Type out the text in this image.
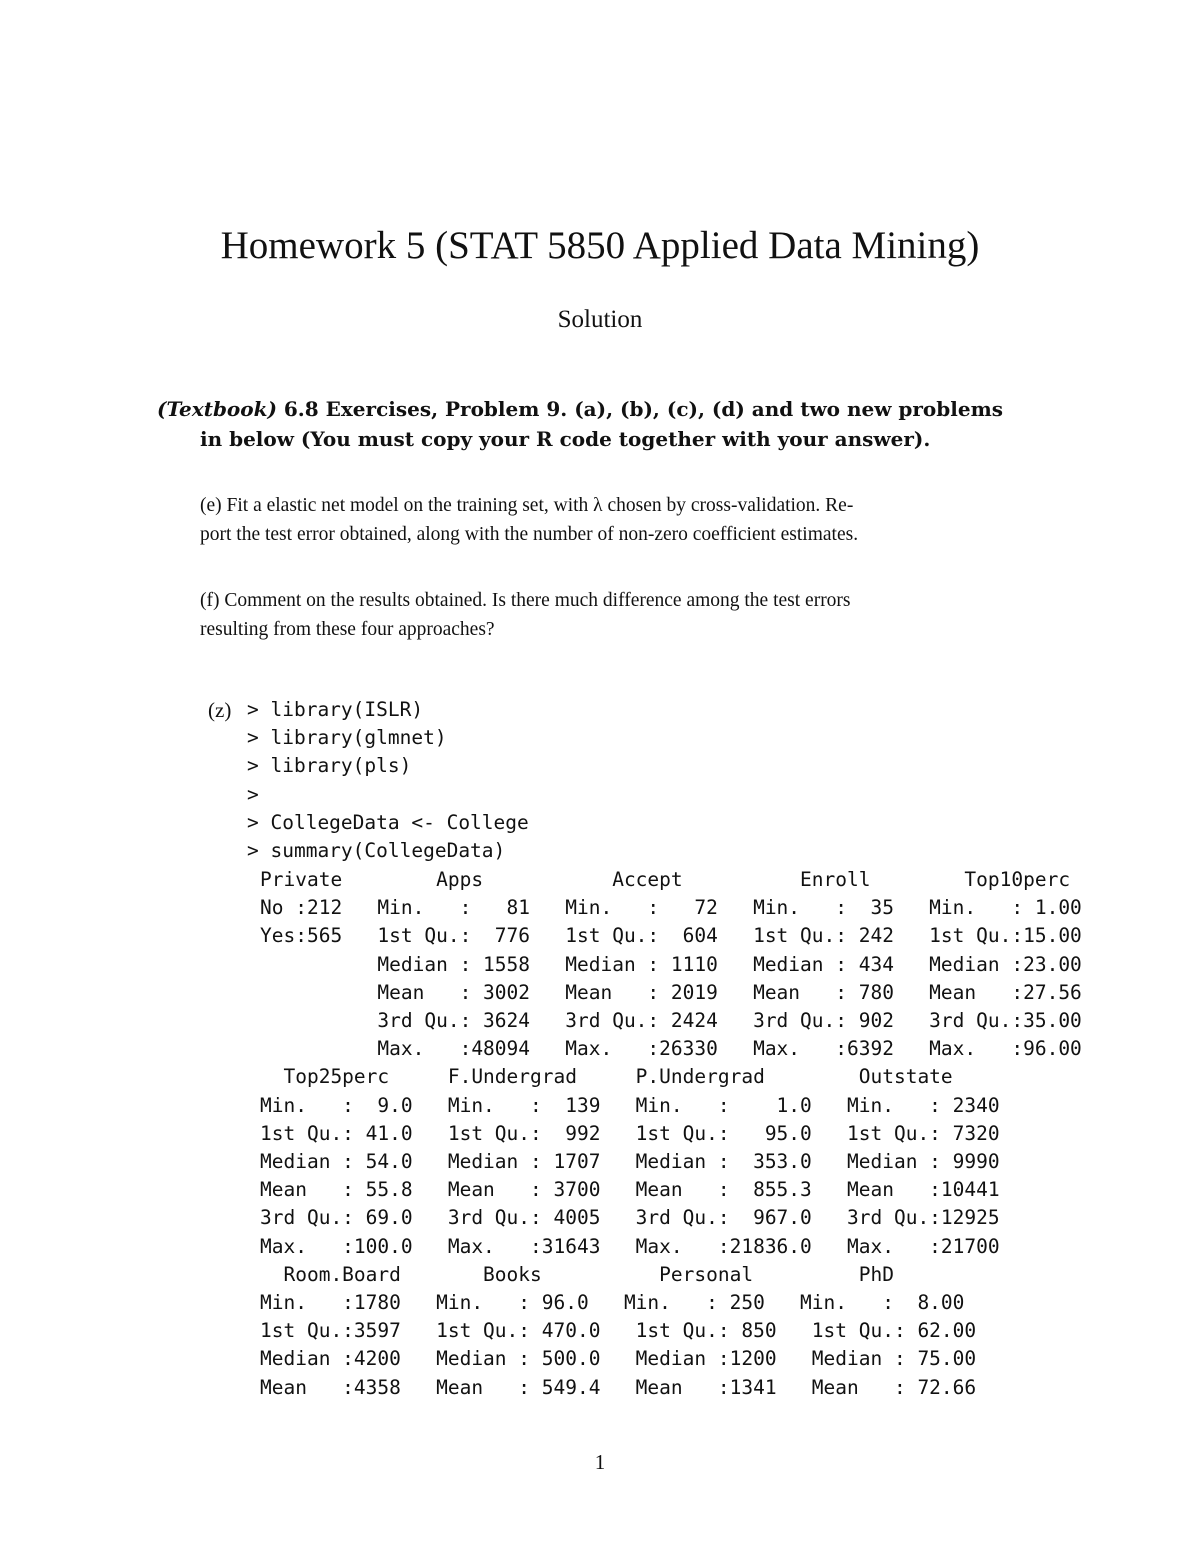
Homework 5 (STAT 5850 Applied Data Mining)
Solution
(Textbook) 6.8 Exercises, Problem 9. (a), (b), (c), (d) and two new problems
in below (You must copy your R code together with your answer).
(e) Fit a elastic net model on the training set, with λ chosen by cross-validation. Re-
port the test error obtained, along with the number of non-zero coefficient estimates.
(f) Comment on the results obtained. Is there much difference among the test errors
resulting from these four approaches?
(z) > library(ISLR)
> library(glmnet)
> library(pls)
>
> CollegeData <- College
> summary(CollegeData)
Private        Apps           Accept          Enroll        Top10perc
No :212   Min.   :   81   Min.   :   72   Min.   :  35   Min.   : 1.00
Yes:565   1st Qu.:  776   1st Qu.:  604   1st Qu.: 242   1st Qu.:15.00
Median : 1558   Median : 1110   Median : 434   Median :23.00
Mean   : 3002   Mean   : 2019   Mean   : 780   Mean   :27.56
3rd Qu.: 3624   3rd Qu.: 2424   3rd Qu.: 902   3rd Qu.:35.00
Max.   :48094   Max.   :26330   Max.   :6392   Max.   :96.00
Top25perc     F.Undergrad     P.Undergrad        Outstate
Min.   :  9.0   Min.   :  139   Min.   :    1.0   Min.   : 2340
1st Qu.: 41.0   1st Qu.:  992   1st Qu.:   95.0   1st Qu.: 7320
Median : 54.0   Median : 1707   Median :  353.0   Median : 9990
Mean   : 55.8   Mean   : 3700   Mean   :  855.3   Mean   :10441
3rd Qu.: 69.0   3rd Qu.: 4005   3rd Qu.:  967.0   3rd Qu.:12925
Max.   :100.0   Max.   :31643   Max.   :21836.0   Max.   :21700
Room.Board       Books          Personal         PhD
Min.   :1780   Min.   : 96.0   Min.   : 250   Min.   :  8.00
1st Qu.:3597   1st Qu.: 470.0   1st Qu.: 850   1st Qu.: 62.00
Median :4200   Median : 500.0   Median :1200   Median : 75.00
Mean   :4358   Mean   : 549.4   Mean   :1341   Mean   : 72.66
1
